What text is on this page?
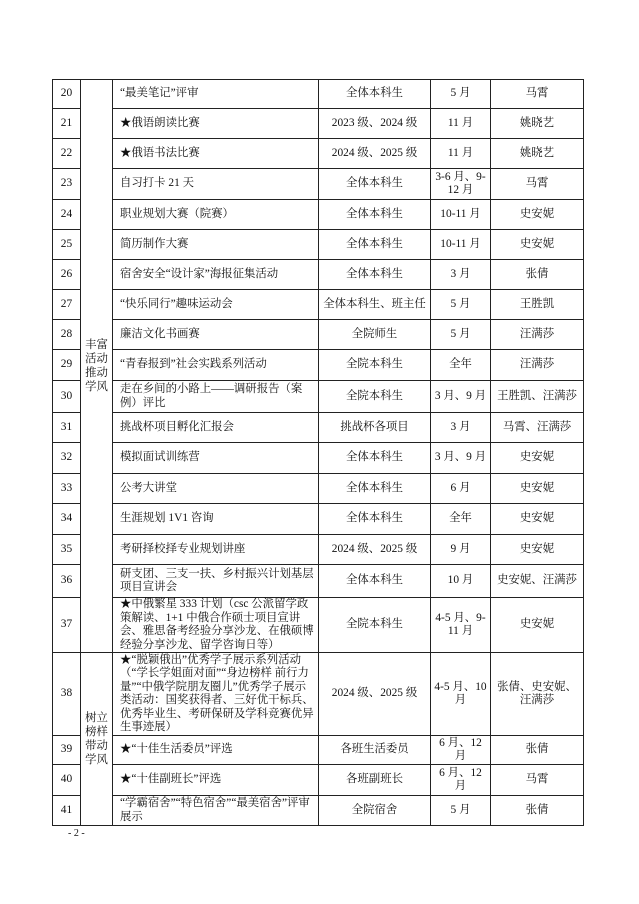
20	丰富活动推动学风	“最美笔记”评审	全体本科生	5 月	马霄
21		★俄语朗读比赛	2023 级、2024 级	11 月	姚晓艺
22		★俄语书法比赛	2024 级、2025 级	11 月	姚晓艺
23		自习打卡 21 天	全体本科生	3-6 月、9-12 月	马霄
24		职业规划大赛（院赛）	全体本科生	10-11 月	史安妮
25		简历制作大赛	全体本科生	10-11 月	史安妮
26		宿舍安全“设计家”海报征集活动	全体本科生	3 月	张倩
27		“快乐同行”趣味运动会	全体本科生、班主任	5 月	王胜凯
28		廉洁文化书画赛	全院师生	5 月	汪满莎
29		“青春报到”社会实践系列活动	全院本科生	全年	汪满莎
30		走在乡间的小路上——调研报告（案例）评比	全院本科生	3 月、9 月	王胜凯、汪满莎
31		挑战杯项目孵化汇报会	挑战杯各项目	3 月	马霄、汪满莎
32		模拟面试训练营	全体本科生	3 月、9 月	史安妮
33		公考大讲堂	全体本科生	6 月	史安妮
34		生涯规划 1V1 咨询	全体本科生	全年	史安妮
35		考研择校择专业规划讲座	2024 级、2025 级	9 月	史安妮
36		研支团、三支一扶、乡村振兴计划基层项目宣讲会	全体本科生	10 月	史安妮、汪满莎
37		★中俄繁星 333 计划（csc 公派留学政策解读、1+1 中俄合作硕士项目宣讲会、雅思备考经验分享沙龙、在俄硕博经验分享沙龙、留学咨询日等）	全院本科生	4-5 月、9-11 月	史安妮
38	树立榜样带动学风	★“脱颖俄出”优秀学子展示系列活动（“学长学姐面对面”“身边榜样 前行力量”“中俄学院朋友圈儿”优秀学子展示类活动：国奖获得者、三好优干标兵、优秀毕业生、考研保研及学科竞赛优异生事迹展）	2024 级、2025 级	4-5 月、10 月	张倩、史安妮、汪满莎
39		★“十佳生活委员”评选	各班生活委员	6 月、12 月	张倩
40		★“十佳副班长”评选	各班副班长	6 月、12 月	马霄
41		“学霸宿舍”“特色宿舍”“最美宿舍”评审展示	全院宿舍	5 月	张倩
- 2 -
